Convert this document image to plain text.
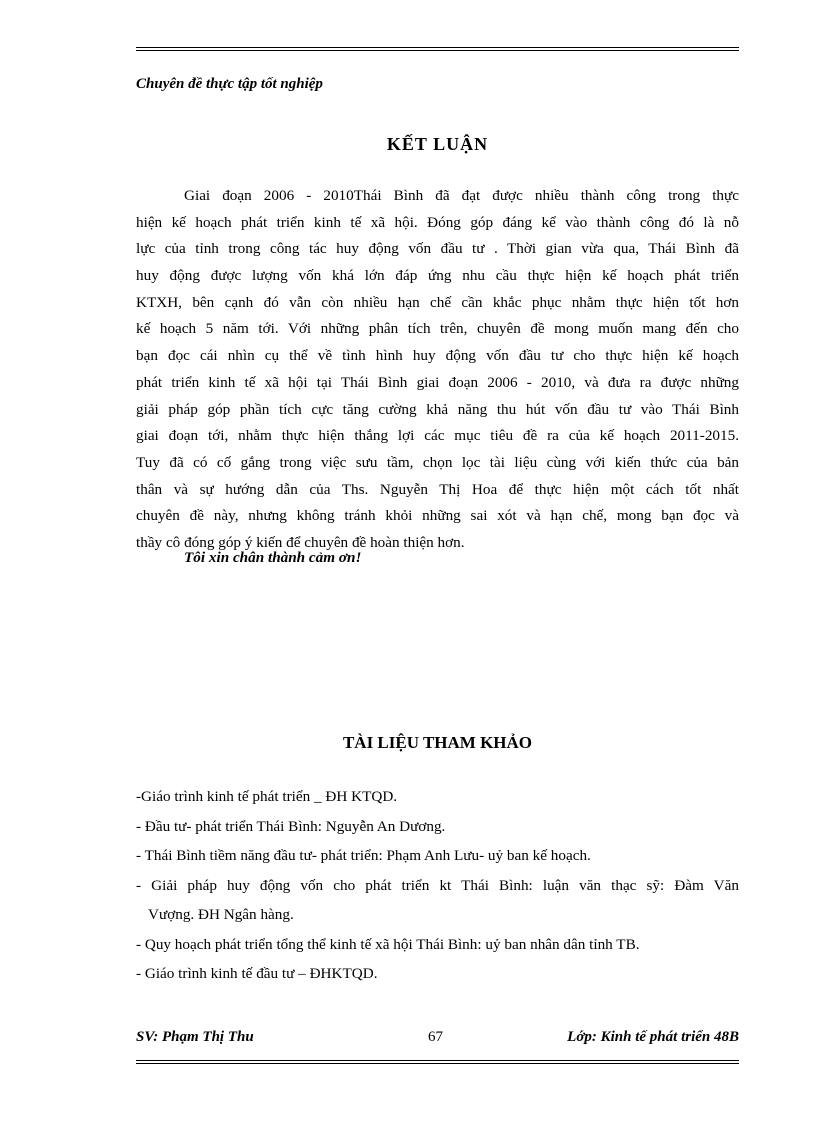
Chuyên đề thực tập tốt nghiệp
KẾT LUẬN
Giai đoạn 2006 - 2010Thái Bình đã đạt được nhiều thành công trong thực
hiện kế hoạch phát triển kinh tế xã hội. Đóng góp đáng kể vào thành công đó là nỗ
lực của tỉnh trong công tác huy động vốn đầu tư . Thời gian vừa qua, Thái Bình đã
huy động được lượng vốn khá lớn đáp ứng nhu cầu thực hiện kế hoạch phát triển
KTXH, bên cạnh đó vẫn còn nhiều hạn chế cần khắc phục nhằm thực hiện tốt hơn
kế hoạch 5 năm tới. Với những phân tích trên, chuyên đề mong muốn mang đến cho
bạn đọc cái nhìn cụ thể về tình hình huy động vốn đầu tư cho thực hiện kế hoạch
phát triển kinh tế xã hội tại Thái Bình giai đoạn 2006 - 2010, và đưa ra được những
giải pháp góp phần tích cực tăng cường khả năng thu hút vốn đầu tư vào Thái Bình
giai đoạn tới, nhằm thực hiện thắng lợi các mục tiêu đề ra của kế hoạch 2011-2015.
Tuy đã có cố gắng trong việc sưu tầm, chọn lọc tài liệu cùng với kiến thức của bản
thân và sự hướng dẫn của Ths. Nguyễn Thị Hoa để thực hiện một cách tốt nhất
chuyên đề này, nhưng không tránh khỏi những sai xót và hạn chế, mong bạn đọc và
thầy cô đóng góp ý kiến để chuyên đề hoàn thiện hơn.
Tôi xin chân thành cảm ơn!
TÀI LIỆU THAM KHẢO
-Giáo trình kinh tế phát triển _ ĐH KTQD.
- Đầu tư- phát triển Thái Bình: Nguyễn An Dương.
- Thái Bình tiềm năng đầu tư- phát triển: Phạm Anh Lưu- uỷ ban kế hoạch.
- Giải pháp huy động vốn cho phát triển kt Thái Bình: luận văn thạc sỹ: Đàm Văn
Vượng. ĐH Ngân hàng.
- Quy hoạch phát triển tổng thể kinh tế xã hội Thái Bình: uỷ ban nhân dân tỉnh TB.
- Giáo trình kinh tế đầu tư – ĐHKTQD.
SV: Phạm Thị Thu	67	Lớp: Kinh tế phát triển 48B
